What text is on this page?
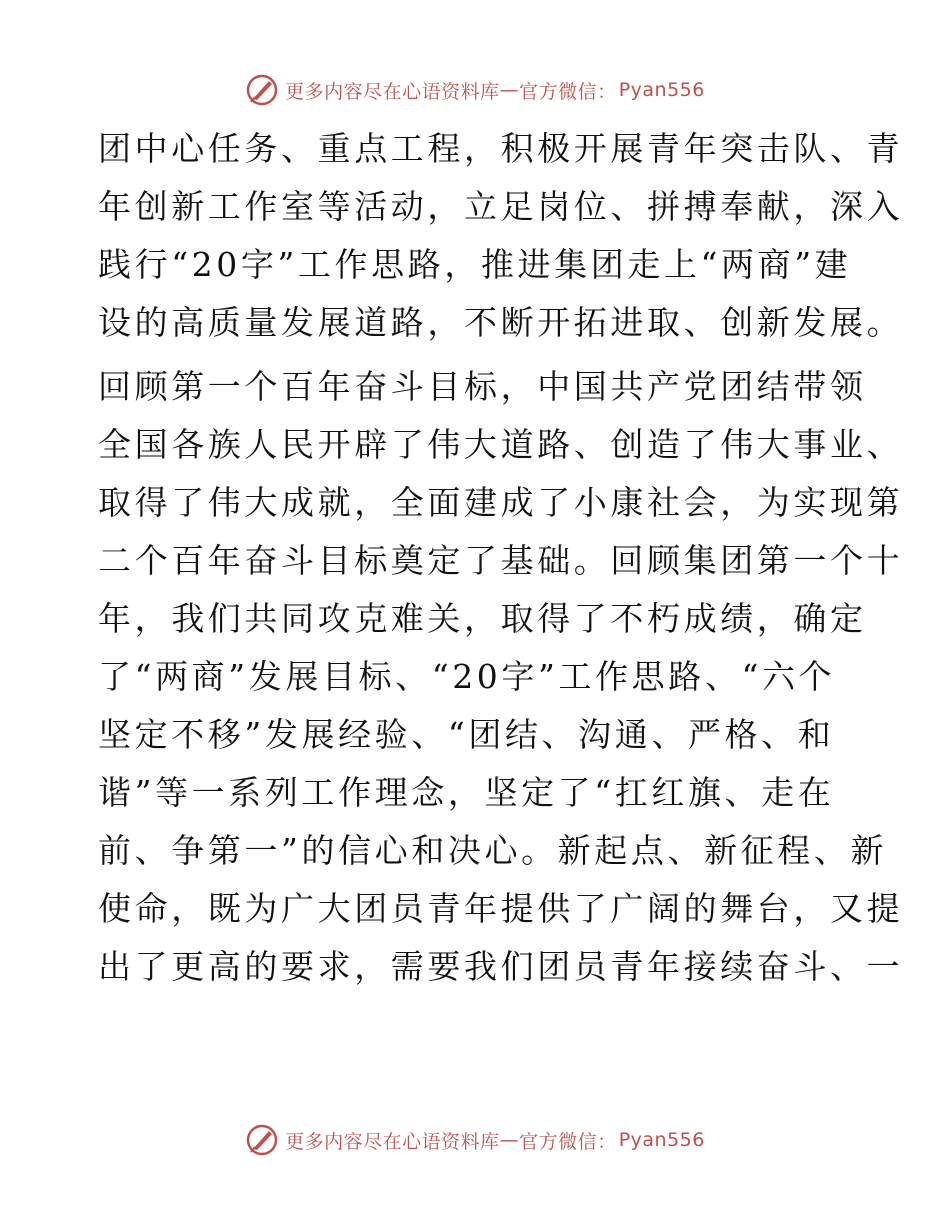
更多内容尽在心语资料库 — 官方微信： Pyan556
团中心任务、重点工程，积极开展青年突击队、青
年创新工作室等活动，立足岗位、拼搏奉献，深入
践行“20字”工作思路，推进集团走上“两商”建
设的高质量发展道路，不断开拓进取、创新发展。
回顾第一个百年奋斗目标，中国共产党团结带领
全国各族人民开辟了伟大道路、创造了伟大事业、
取得了伟大成就，全面建成了小康社会，为实现第
二个百年奋斗目标奠定了基础。回顾集团第一个十
年，我们共同攻克难关，取得了不朽成绩，确定
了“两商”发展目标、“20字”工作思路、“六个
坚定不移”发展经验、“团结、沟通、严格、和
谐”等一系列工作理念，坚定了“扛红旗、走在
前、争第一”的信心和决心。新起点、新征程、新
使命，既为广大团员青年提供了广阔的舞台，又提
出了更高的要求，需要我们团员青年接续奋斗、一
更多内容尽在心语资料库 — 官方微信： Pyan556
